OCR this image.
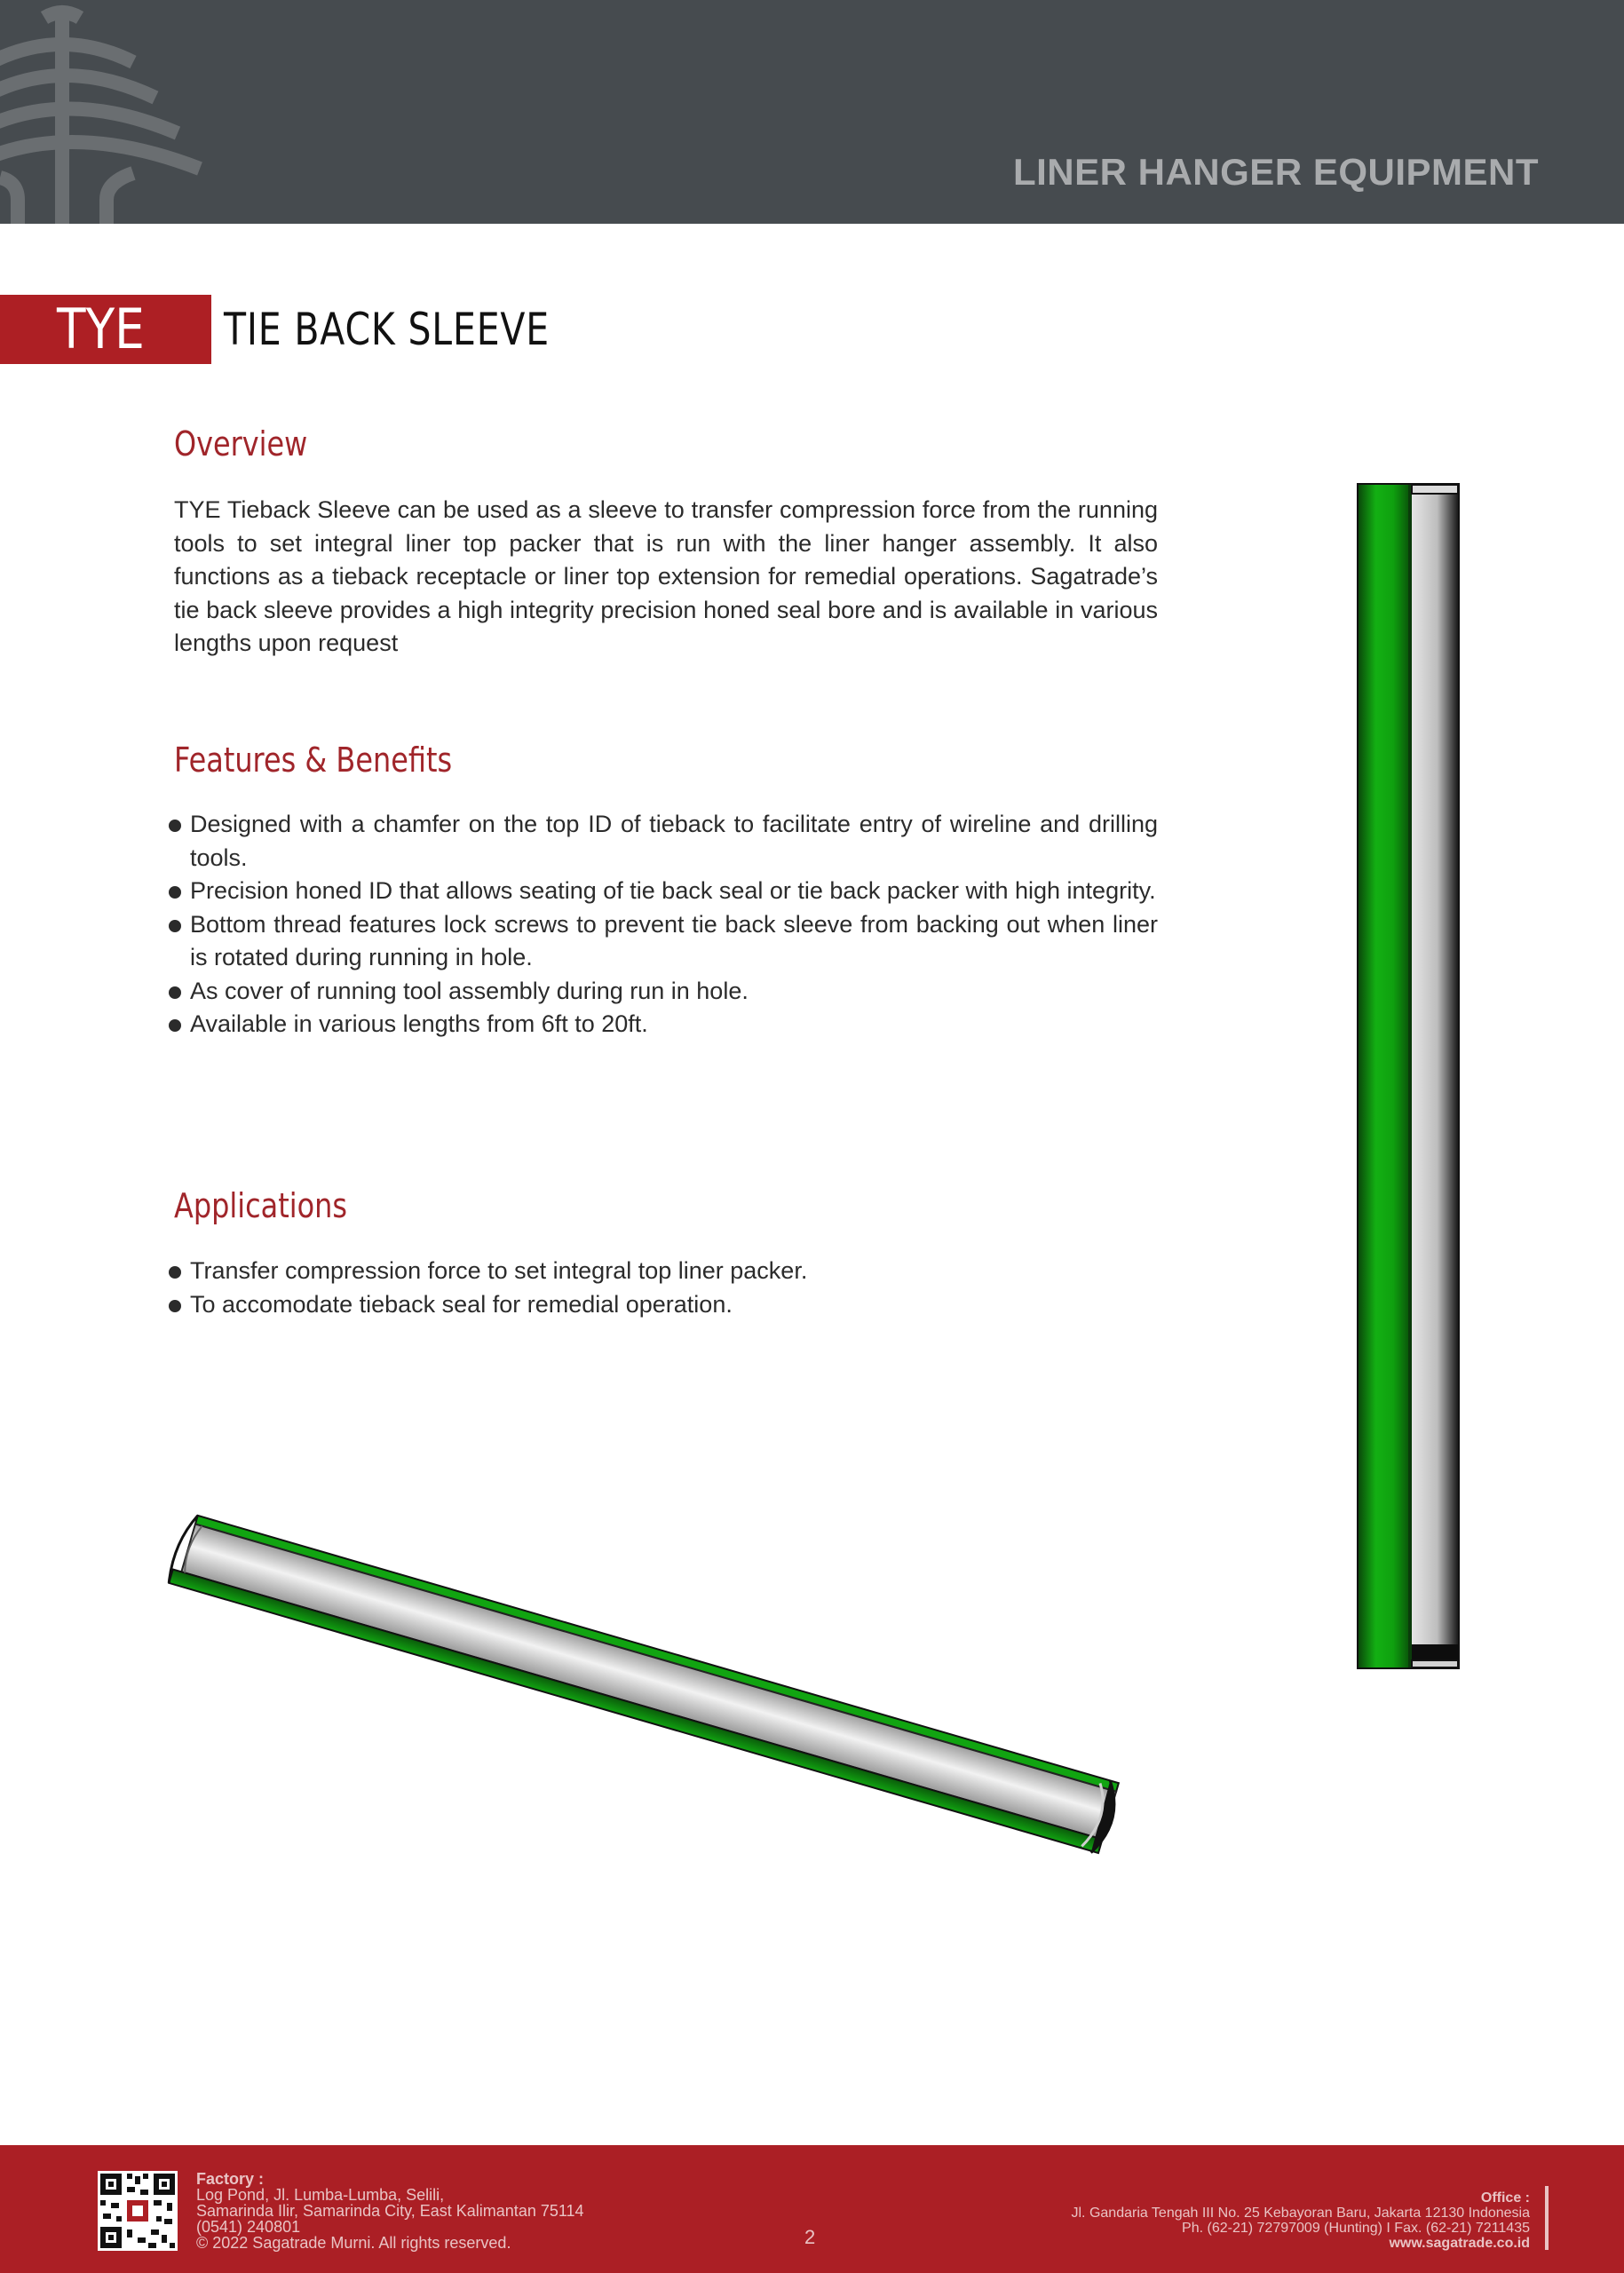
LINER HANGER EQUIPMENT
TYE TIE BACK SLEEVE
Overview

TYE Tieback Sleeve can be used as a sleeve to transfer compression force from the running tools to set integral liner top packer that is run with the liner hanger assembly. It also functions as a tieback receptacle or liner top extension for remedial operations. Sagatrade’s tie back sleeve provides a high integrity precision honed seal bore and is available in various lengths upon request

Features & Benefits
Designed with a chamfer on the top ID of tieback to facilitate entry of wireline and drilling tools.
Precision honed ID that allows seating of tie back seal or tie back packer with high integrity.
Bottom thread features lock screws to prevent tie back sleeve from backing out when liner is rotated during running in hole.
As cover of running tool assembly during run in hole.
Available in various lengths from 6ft to 20ft.
Applications
Transfer compression force to set integral top liner packer.
To accomodate tieback seal for remedial operation.
Factory :
Log Pond, Jl. Lumba-Lumba, Selili,
Samarinda Ilir, Samarinda City, East Kalimantan 75114
(0541) 240801
© 2022 Sagatrade Murni. All rights reserved.	2
Office :
Jl. Gandaria Tengah III No. 25 Kebayoran Baru, Jakarta 12130 Indonesia
Ph. (62-21) 72797009 (Hunting) I Fax. (62-21) 7211435
www.sagatrade.co.id
